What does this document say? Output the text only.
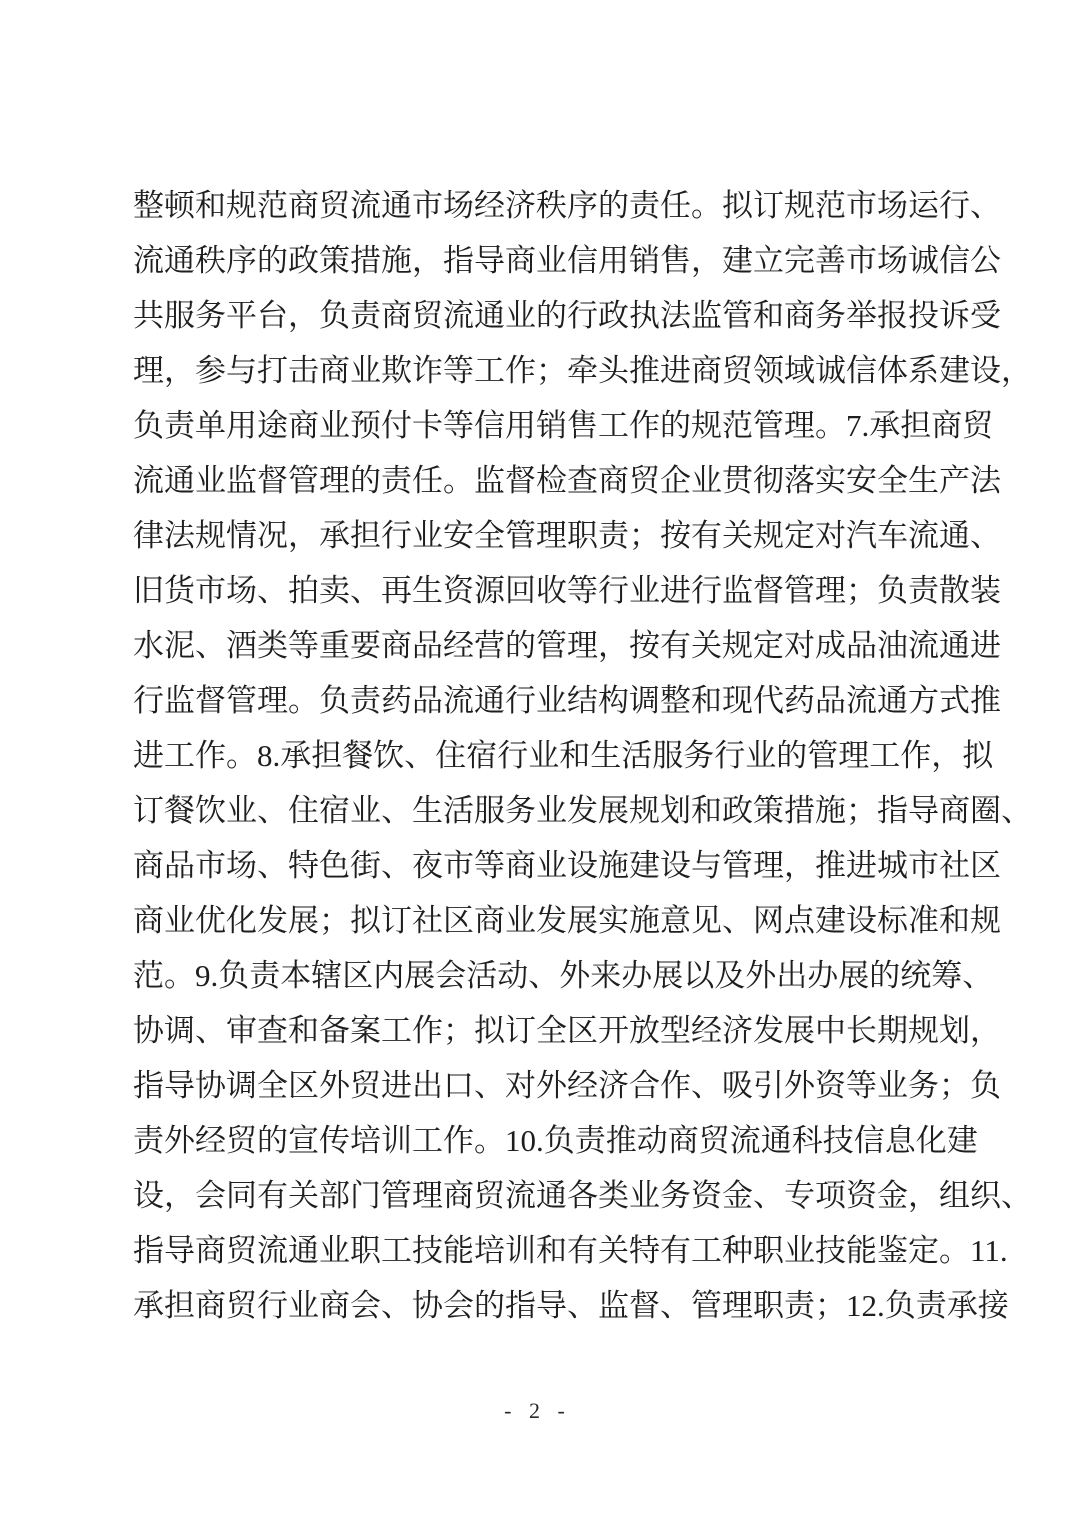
整顿和规范商贸流通市场经济秩序的责任。拟订规范市场运行、
流通秩序的政策措施，指导商业信用销售，建立完善市场诚信公
共服务平台，负责商贸流通业的行政执法监管和商务举报投诉受
理，参与打击商业欺诈等工作；牵头推进商贸领域诚信体系建设，
负责单用途商业预付卡等信用销售工作的规范管理。7.承担商贸
流通业监督管理的责任。监督检查商贸企业贯彻落实安全生产法
律法规情况，承担行业安全管理职责；按有关规定对汽车流通、
旧货市场、拍卖、再生资源回收等行业进行监督管理；负责散装
水泥、酒类等重要商品经营的管理，按有关规定对成品油流通进
行监督管理。负责药品流通行业结构调整和现代药品流通方式推
进工作。8.承担餐饮、住宿行业和生活服务行业的管理工作，拟
订餐饮业、住宿业、生活服务业发展规划和政策措施；指导商圈、
商品市场、特色街、夜市等商业设施建设与管理，推进城市社区
商业优化发展；拟订社区商业发展实施意见、网点建设标准和规
范。9.负责本辖区内展会活动、外来办展以及外出办展的统筹、
协调、审查和备案工作；拟订全区开放型经济发展中长期规划，
指导协调全区外贸进出口、对外经济合作、吸引外资等业务；负
责外经贸的宣传培训工作。10.负责推动商贸流通科技信息化建
设，会同有关部门管理商贸流通各类业务资金、专项资金，组织、
指导商贸流通业职工技能培训和有关特有工种职业技能鉴定。11.
承担商贸行业商会、协会的指导、监督、管理职责；12.负责承接
- 2 -
